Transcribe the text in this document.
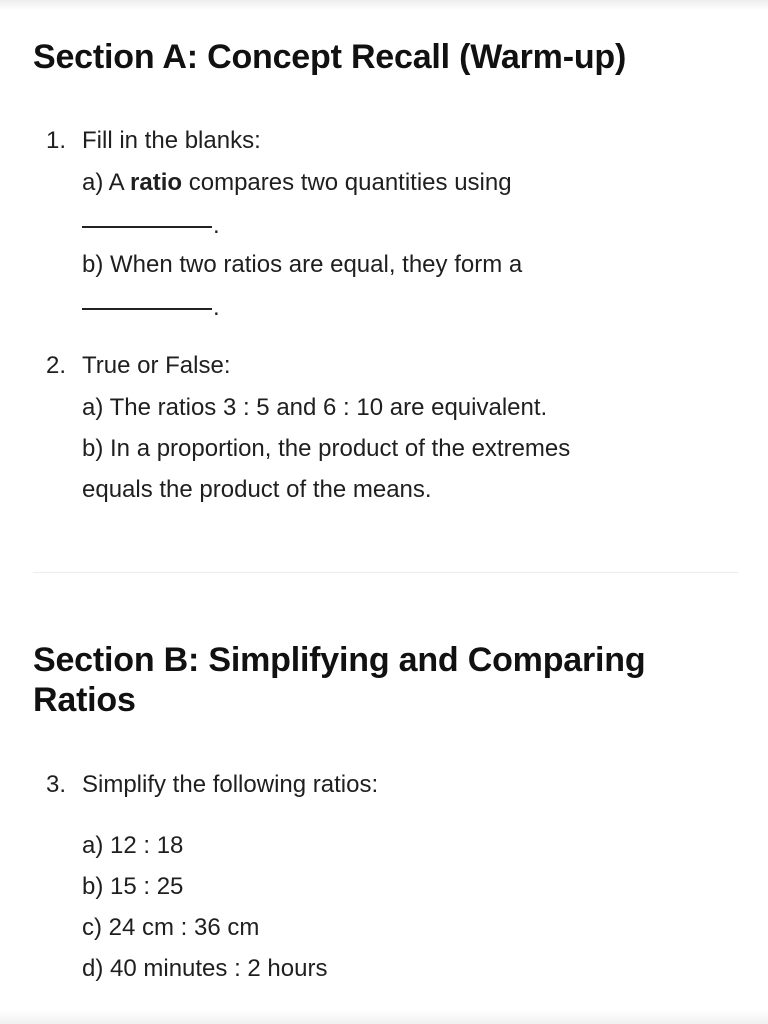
Section A: Concept Recall (Warm-up)
1. Fill in the blanks:
a) A ratio compares two quantities using
.
b) When two ratios are equal, they form a
.
2. True or False:
a) The ratios 3 : 5 and 6 : 10 are equivalent.
b) In a proportion, the product of the extremes
equals the product of the means.
Section B: Simplifying and Comparing
Ratios
3. Simplify the following ratios:
a) 12 : 18
b) 15 : 25
c) 24 cm : 36 cm
d) 40 minutes : 2 hours
